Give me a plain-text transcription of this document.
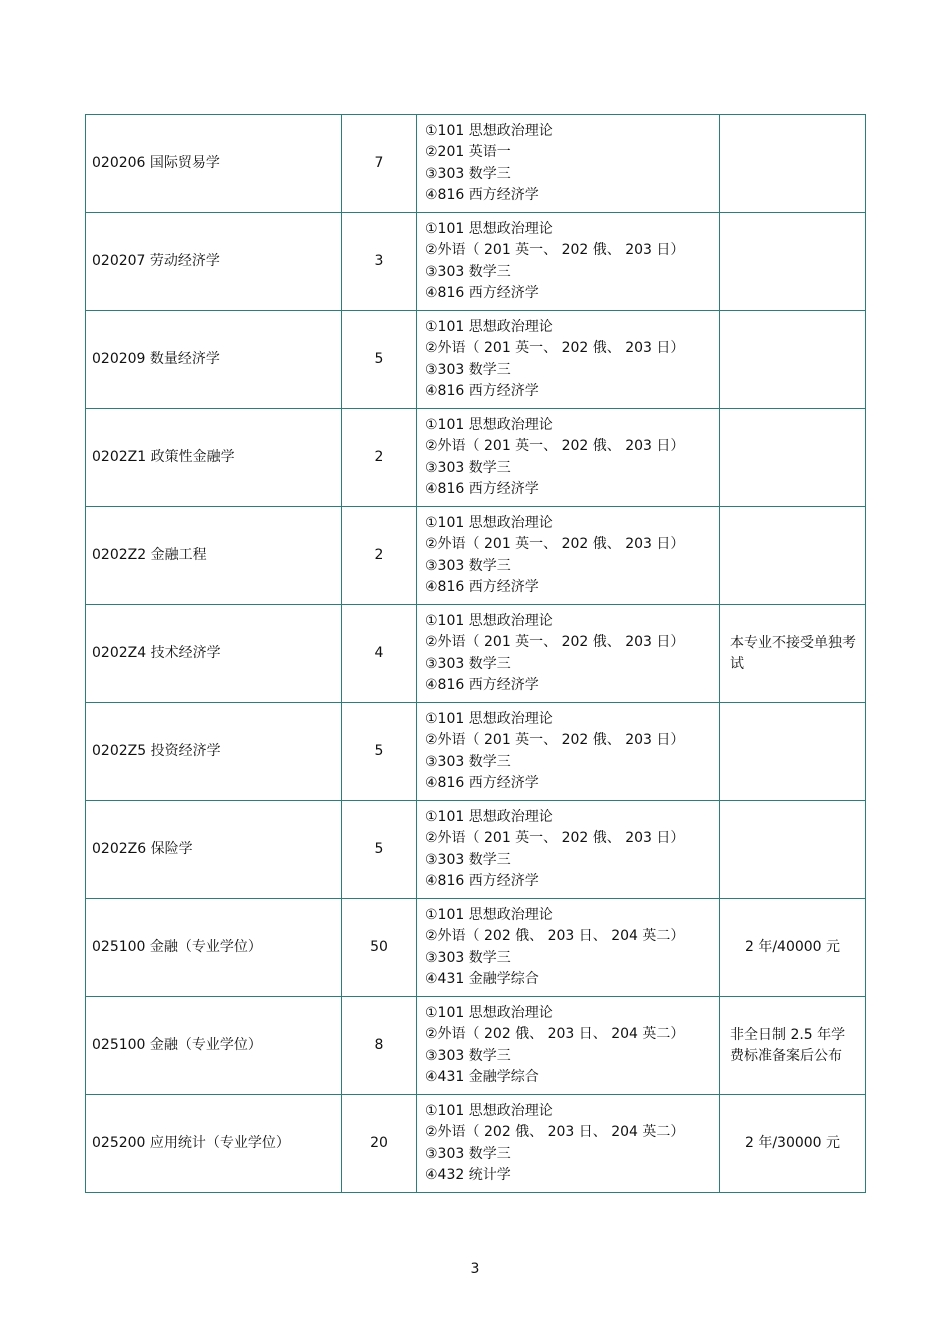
020206 国际贸易学	7	①101 思想政治理论
②201 英语一
③303 数学三
④816 西方经济学	

020207 劳动经济学	3	①101 思想政治理论
②外语（ 201 英一、 202 俄、 203 日）
③303 数学三
④816 西方经济学	

020209 数量经济学	5	①101 思想政治理论
②外语（ 201 英一、 202 俄、 203 日）
③303 数学三
④816 西方经济学	

0202Z1 政策性金融学	2	①101 思想政治理论
②外语（ 201 英一、 202 俄、 203 日）
③303 数学三
④816 西方经济学	

0202Z2 金融工程	2	①101 思想政治理论
②外语（ 201 英一、 202 俄、 203 日）
③303 数学三
④816 西方经济学	

0202Z4 技术经济学	4	①101 思想政治理论
②外语（ 201 英一、 202 俄、 203 日）
③303 数学三
④816 西方经济学	本专业不接受单独考试
0202Z5 投资经济学	5	①101 思想政治理论
②外语（ 201 英一、 202 俄、 203 日）
③303 数学三
④816 西方经济学	

0202Z6 保险学	5	①101 思想政治理论
②外语（ 201 英一、 202 俄、 203 日）
③303 数学三
④816 西方经济学	

025100 金融（专业学位）	50	①101 思想政治理论
②外语（ 202 俄、 203 日、 204 英二）
③303 数学三
④431 金融学综合	2 年/40000 元
025100 金融（专业学位）	8	①101 思想政治理论
②外语（ 202 俄、 203 日、 204 英二）
③303 数学三
④431 金融学综合	非全日制 2.5 年学费标准备案后公布
025200 应用统计（专业学位）	20	①101 思想政治理论
②外语（ 202 俄、 203 日、 204 英二）
③303 数学三
④432 统计学	2 年/30000 元
3
